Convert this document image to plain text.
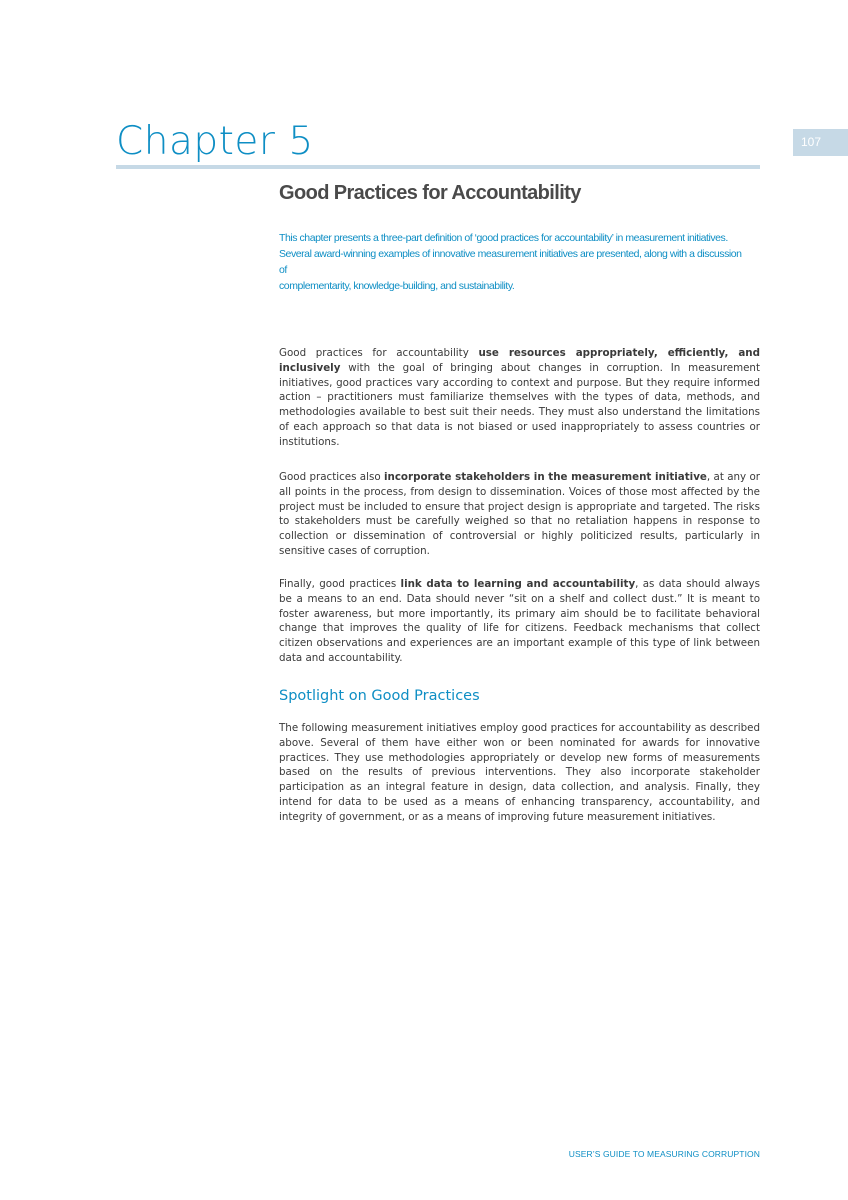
Chapter 5	107
Good Practices for Accountability

This chapter presents a three-part definition of ‘good practices for accountability’ in measurement initiatives.

Several award-winning examples of innovative measurement initiatives are presented, along with a discussion of

complementarity, knowledge-building, and sustainability.

Good practices for accountability use resources appropriately, efficiently, and inclusively with the goal of bringing about changes in corruption. In measurement initiatives, good practices vary according to context and purpose. But they require informed action – practitioners must familiarize themselves with the types of data, methods, and methodologies available to best suit their needs. They must also understand the limitations of each approach so that data is not biased or used inappropriately to assess countries or institutions.

Good practices also incorporate stakeholders in the measurement initiative, at any or all points in the process, from design to dissemination. Voices of those most affected by the project must be included to ensure that project design is appropriate and targeted. The risks to stakeholders must be carefully weighed so that no retaliation happens in response to collection or dissemination of controversial or highly politicized results, particularly in sensitive cases of corruption.

Finally, good practices link data to learning and accountability, as data should always be a means to an end. Data should never “sit on a shelf and collect dust.” It is meant to foster awareness, but more importantly, its primary aim should be to facilitate behavioral change that improves the quality of life for citizens. Feedback mechanisms that collect citizen observations and experiences are an important example of this type of link between data and accountability.

Spotlight on Good Practices

The following measurement initiatives employ good practices for accountability as described above. Several of them have either won or been nominated for awards for innovative practices. They use methodologies appropriately or develop new forms of measurements based on the results of previous interventions. They also incorporate stakeholder participation as an integral feature in design, data collection, and analysis. Finally, they intend for data to be used as a means of enhancing transparency, accountability, and integrity of government, or as a means of improving future measurement initiatives.

USER’S GUIDE TO MEASURING CORRUPTION
